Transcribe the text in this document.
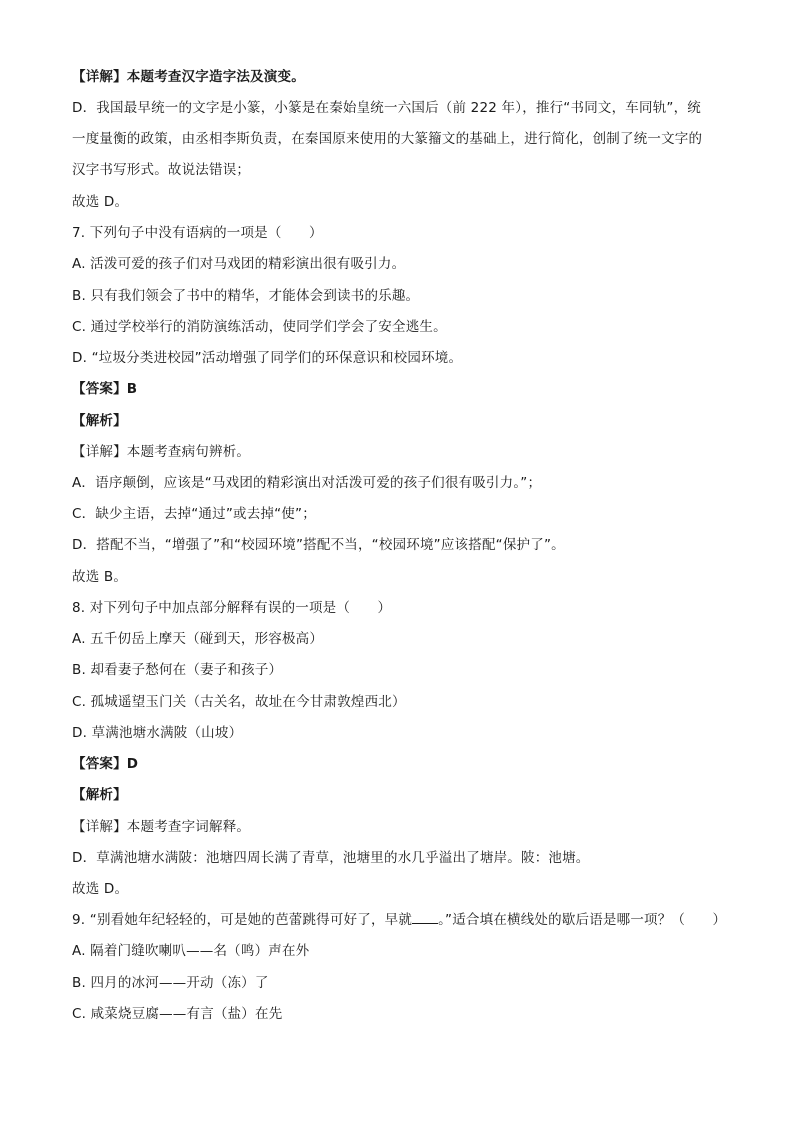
【详解】本题考查汉字造字法及演变。
D．我国最早统一的文字是小篆，小篆是在秦始皇统一六国后（前 222 年），推行“书同文，车同轨”，统
一度量衡的政策，由丞相李斯负责，在秦国原来使用的大篆籀文的基础上，进行简化，创制了统一文字的
汉字书写形式。故说法错误；
故选 D。
7. 下列句子中没有语病的一项是（　　）
A. 活泼可爱的孩子们对马戏团的精彩演出很有吸引力。
B. 只有我们领会了书中的精华，才能体会到读书的乐趣。
C. 通过学校举行的消防演练活动，使同学们学会了安全逃生。
D. “垃圾分类进校园”活动增强了同学们的环保意识和校园环境。
【答案】B
【解析】
【详解】本题考查病句辨析。
A．语序颠倒，应该是“马戏团的精彩演出对活泼可爱的孩子们很有吸引力。”；
C．缺少主语，去掉“通过”或去掉“使”；
D．搭配不当，“增强了”和“校园环境”搭配不当，“校园环境”应该搭配“保护了”。
故选 B。
8. 对下列句子中加点部分解释有误的一项是（　　）
A. 五千仞岳上摩天（碰到天，形容极高）
B. 却看妻子愁何在（妻子和孩子）
C. 孤城遥望玉门关（古关名，故址在今甘肃敦煌西北）
D. 草满池塘水满陂（山坡）
【答案】D
【解析】
【详解】本题考查字词解释。
D．草满池塘水满陂：池塘四周长满了青草，池塘里的水几乎溢出了塘岸。陂：池塘。
故选 D。
9. “别看她年纪轻轻的，可是她的芭蕾跳得可好了，早就 。”适合填在横线处的歇后语是哪一项？（　　）
A. 隔着门缝吹喇叭——名（鸣）声在外
B. 四月的冰河——开动（冻）了
C. 咸菜烧豆腐——有言（盐）在先
